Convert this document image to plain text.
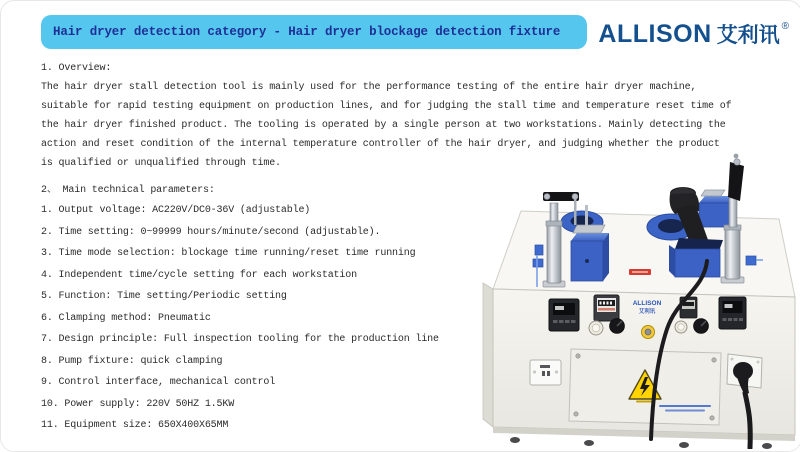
Hair dryer detection category - Hair dryer blockage detection fixture ALLISON 艾利讯 ®
1. Overview:
The hair dryer stall detection tool is mainly used for the performance testing of the entire hair dryer machine,
suitable for rapid testing equipment on production lines, and for judging the stall time and temperature reset time of
the hair dryer finished product. The tooling is operated by a single person at two workstations. Mainly detecting the
action and reset condition of the internal temperature controller of the hair dryer, and judging whether the product
is qualified or unqualified through time.
2、 Main technical parameters:
1. Output voltage: AC220V/DC0-36V (adjustable)
2. Time setting: 0~99999 hours/minute/second (adjustable).
3. Time mode selection: blockage time running/reset time running
4. Independent time/cycle setting for each workstation
5. Function: Time setting/Periodic setting
6. Clamping method: Pneumatic
7. Design principle: Full inspection tooling for the production line
8. Pump fixture: quick clamping
9. Control interface, mechanical control
10. Power supply: 220V 50HZ 1.5KW
11. Equipment size: 650X400X65MM
ALLISON
艾利讯
